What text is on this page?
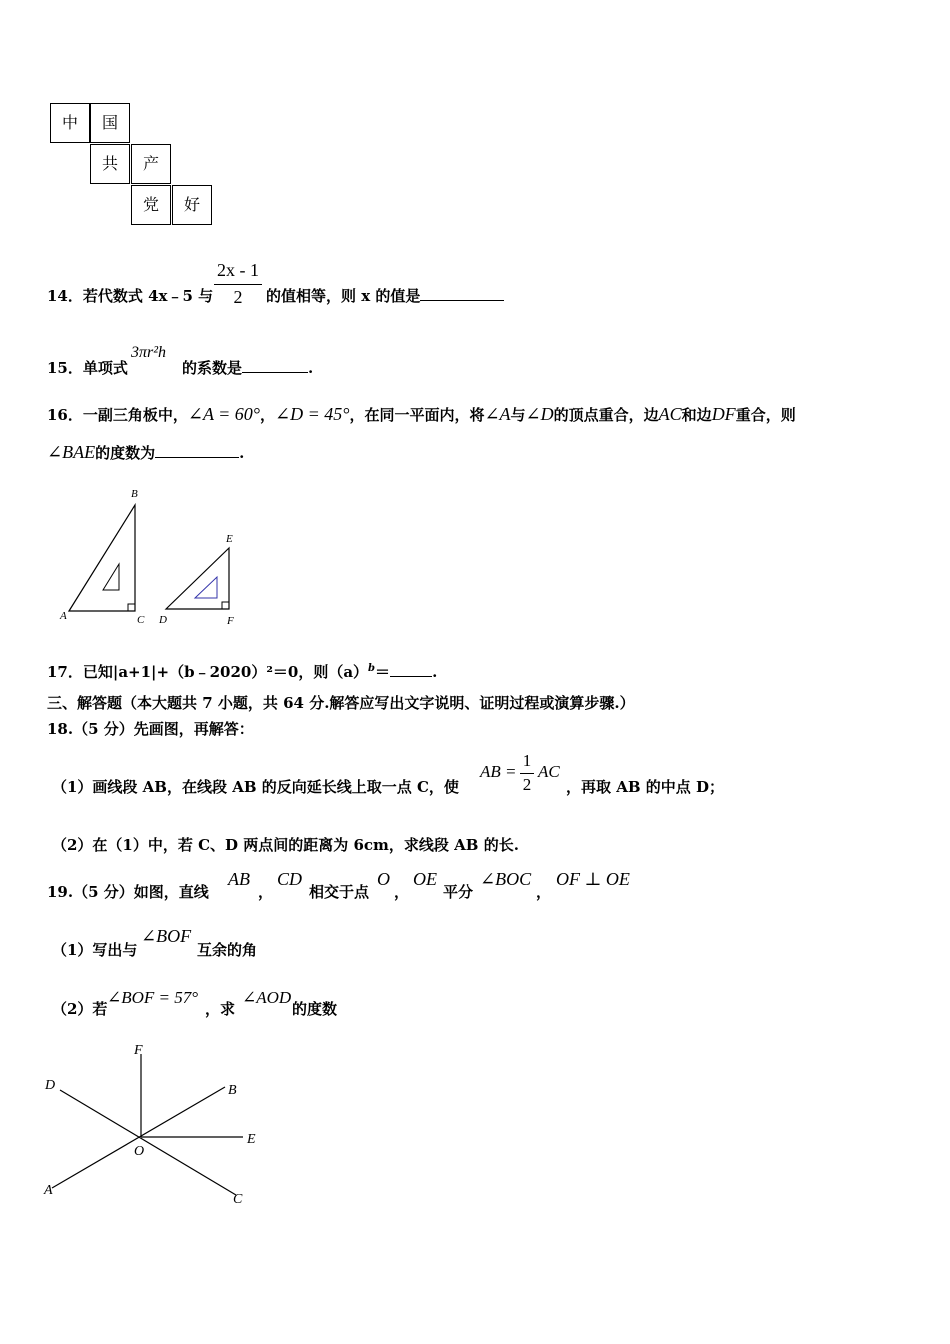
中	国
共	产
党	好
14．若代数式 4x﹣5 与
2x - 1
2	的值相等，则 x 的值是
15．单项式
3πr²h
的系数是	.
16．一副三角板中，∠A = 60°，∠D = 45°，在同一平面内，将∠A与∠D的顶点重合，边AC和边DF重合，则
∠BAE的度数为	.
B
A	C
E
D	F
17．已知|a+1|+（b﹣2020）²＝0，则$(a)^b=$	.
三、解答题（本大题共 7 小题，共 64 分.解答应写出文字说明、证明过程或演算步骤.）
18.（5 分）先画图，再解答：
（1）画线段 AB，在线段 AB 的反向延长线上取一点 C，使
AB =
1
2
AC
，再取 AB 的中点 D；
（2）在（1）中，若 C、D 两点间的距离为 6cm，求线段 AB 的长.
19.（5 分）如图，直线
AB
，
CD
相交于点
O
，
OE
平分
∠BOC
，
OF ⊥ OE
（1）写出与
∠BOF
互余的角
（2）若
∠BOF = 57°
，求
∠AOD
的度数
F
D	B
E
O
A
C
